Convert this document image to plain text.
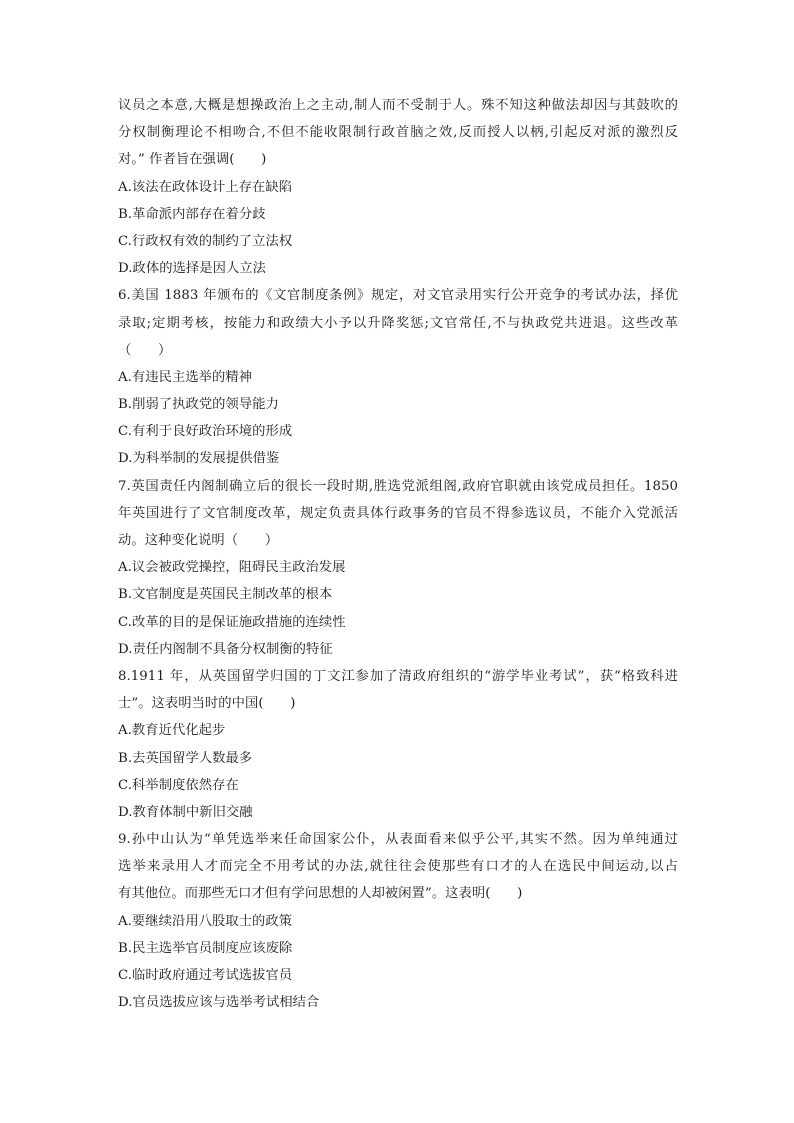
议员之本意,大概是想操政治上之主动,制人而不受制于人。殊不知这种做法却因与其鼓吹的
分权制衡理论不相吻合,不但不能收限制行政首脑之效,反而授人以柄,引起反对派的激烈反
对。” 作者旨在强调(　　)
A.该法在政体设计上存在缺陷
B.革命派内部存在着分歧
C.行政权有效的制约了立法权
D.政体的选择是因人立法
6.美国 1883 年颁布的《文官制度条例》规定，对文官录用实行公开竞争的考试办法，择优
录取;定期考核，按能力和政绩大小予以升降奖惩;文官常任,不与执政党共进退。这些改革
（　　）
A.有违民主选举的精神
B.削弱了执政党的领导能力
C.有利于良好政治环境的形成
D.为科举制的发展提供借鉴
7.英国责任内阁制确立后的很长一段时期,胜选党派组阁,政府官职就由该党成员担任。1850
年英国进行了文官制度改革，规定负责具体行政事务的官员不得参选议员，不能介入党派活
动。这种变化说明（　　）
A.议会被政党操控，阻碍民主政治发展
B.文官制度是英国民主制改革的根本
C.改革的目的是保证施政措施的连续性
D.责任内阁制不具备分权制衡的特征
8.1911 年，从英国留学归国的丁文江参加了清政府组织的“游学毕业考试”，获“格致科进
士”。这表明当时的中国(　　)
A.教育近代化起步
B.去英国留学人数最多
C.科举制度依然存在
D.教育体制中新旧交融
9.孙中山认为“单凭选举来任命国家公仆，从表面看来似乎公平,其实不然。因为单纯通过
选举来录用人才而完全不用考试的办法,就往往会使那些有口才的人在选民中间运动,以占
有其他位。而那些无口才但有学问思想的人却被闲置”。这表明(　　)
A.要继续沿用八股取士的政策
B.民主选举官员制度应该废除
C.临时政府通过考试选拔官员
D.官员选拔应该与选举考试相结合
